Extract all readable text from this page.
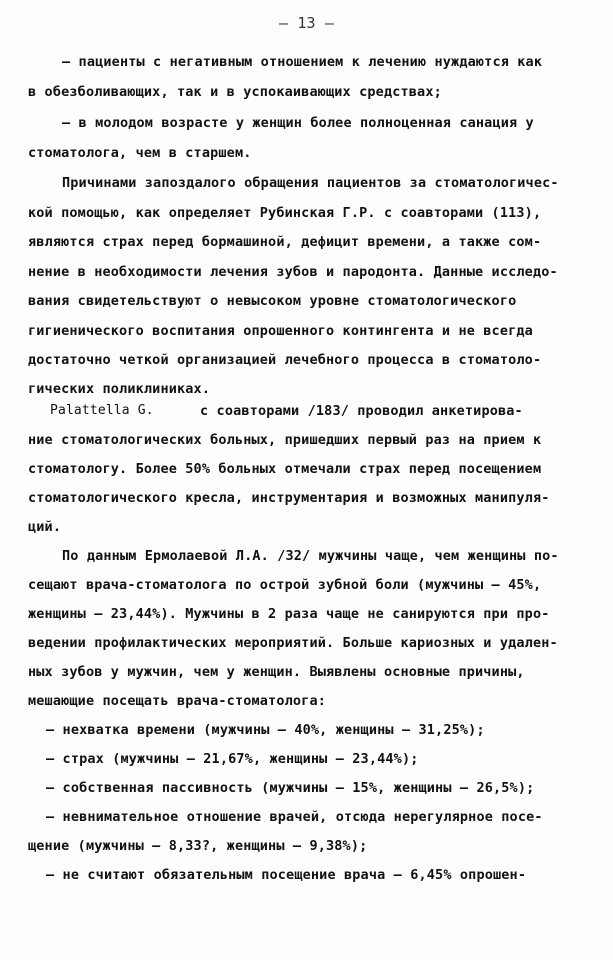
– 13 –
– пациенты с негативным отношением к лечению нуждаются как
в обезболивающих, так и в успокаивающих средствах;
– в молодом возрасте у женщин более полноценная санация у
стоматолога, чем в старшем.
Причинами запоздалого обращения пациентов за стоматологичес-
кой помощью, как определяет Рубинская Г.Р. с соавторами (113),
являются страх перед бормашиной, дефицит времени, а также сом-
нение в необходимости лечения зубов и пародонта. Данные исследо-
вания свидетельствуют о невысоком уровне стоматологического
гигиенического воспитания опрошенного контингента и не всегда
достаточно четкой организацией лечебного процесса в стоматоло-
гических поликлиниках.
Palattella G.	с соавторами /183/ проводил анкетирова-
ние стоматологических больных, пришедших первый раз на прием к
стоматологу. Более 50% больных отмечали страх перед посещением
стоматологического кресла, инструментария и возможных манипуля-
ций.
По данным Ермолаевой Л.А. /32/ мужчины чаще, чем женщины по-
сещают врача-стоматолога по острой зубной боли (мужчины – 45%,
женщины – 23,44%). Мужчины в 2 раза чаще не санируются при про-
ведении профилактических мероприятий. Больше кариозных и удален-
ных зубов у мужчин, чем у женщин. Выявлены основные причины,
мешающие посещать врача-стоматолога:
– нехватка времени (мужчины – 40%, женщины – 31,25%);
– страх (мужчины – 21,67%, женщины – 23,44%);
– собственная пассивность (мужчины – 15%, женщины – 26,5%);
– невнимательное отношение врачей, отсюда нерегулярное посе-
щение (мужчины – 8,33?, женщины – 9,38%);
– не считают обязательным посещение врача – 6,45% опрошен-
